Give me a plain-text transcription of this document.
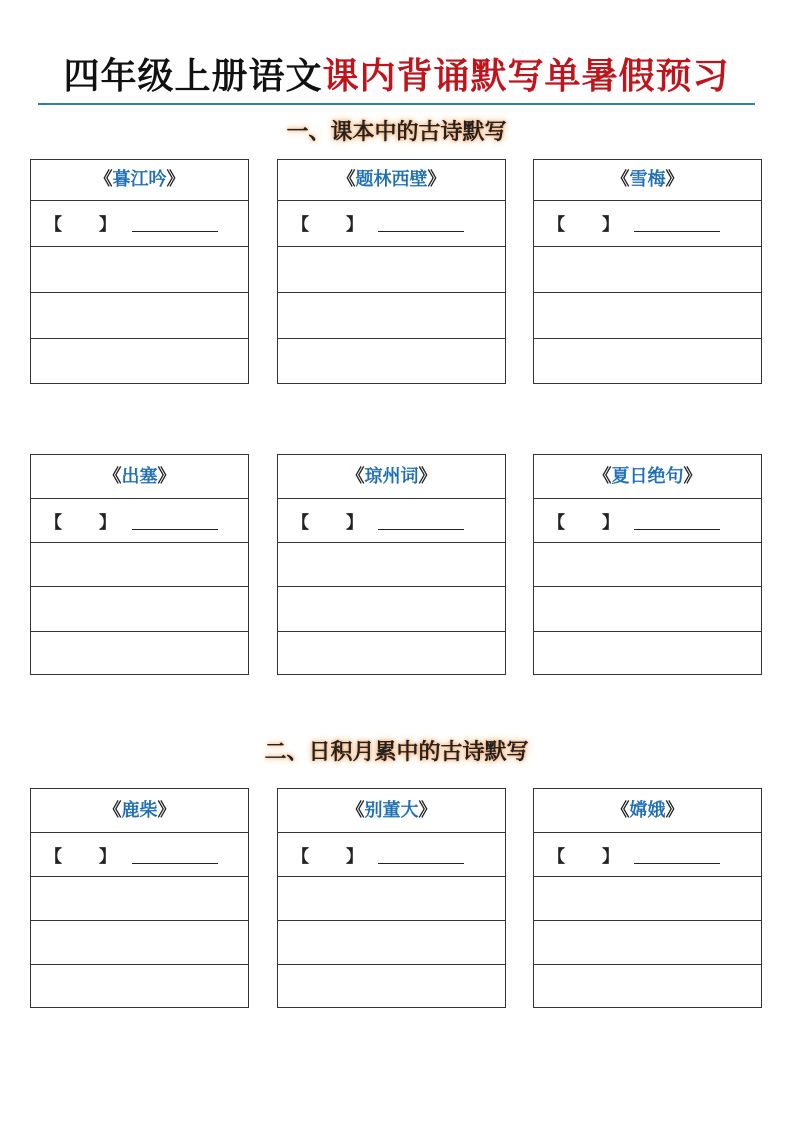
四年级上册语文课内背诵默写单暑假预习
一、课本中的古诗默写
二、日积月累中的古诗默写
《暮江吟》
【 】
《题林西壁》
【 】
《雪梅》
【 】
《出塞》
【 】
《琼州词》
【 】
《夏日绝句》
【 】
《鹿柴》
【 】
《别董大》
【 】
《嫦娥》
【 】
